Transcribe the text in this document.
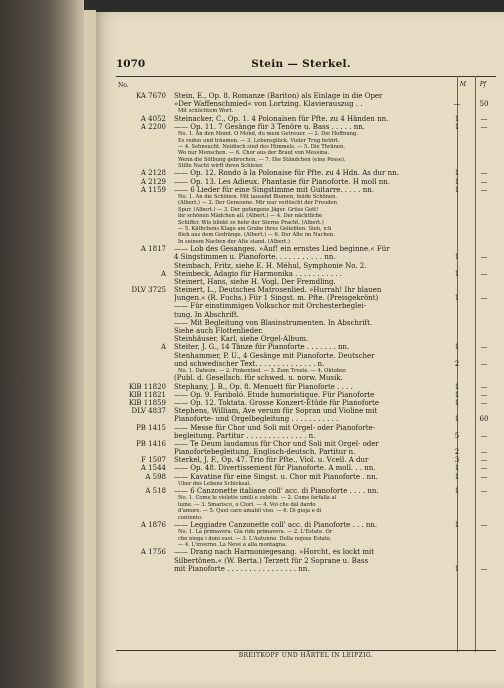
1070	Stein — Sterkel.
No.	M Pf
KA 7670 Stein, E., Op. 8. Romanze (Bariton) als Einlage in die Oper
»Der Waffenschmied« von Lortzing. Klavierauszug . .	—	50
Mit schlichtem Wort.
A 4052 Steinacker, C., Op. 1. 4 Polonaisen für Pfte. zu 4 Händen nn.	1	—
A 2200 —— Op. 11. 7 Gesänge für 3 Tenöre u. Bass . . . . . nn.	1	—
No. 1. An den Mond. O Mond, du mein Getreuer. — 2. Die Hoffnung.
Es reden und träumen. — 3. Lebensglück. Vieler Trug betört.
— 4. Sehnsucht. Neidisch sind des Himmels. — 5. Die Thränen.
Wo nur Menschen. — 6. Chor aus der Braut von Messina.
Wenn die Sölbung gebrochen. — 7. Die Ständchen (eine Posse).
Stille Nacht wirft ihren Schleier.
A 2128 —— Op. 12. Rondo à la Polonaise für Pfte. zu 4 Hdn. As dur nn.	1	—
A 2129 —— Op. 13. Les Adieux. Phantasie für Pianoforte. H moll nn.	1	—
A 1159 —— 6 Lieder für eine Singstimme mit Guitarre. . . . . nn.	1	—
No. 1. An die Schönen. Mit tausend Blumen, holde Schönen.
(Albert.) — 2. Der Genesene. Mir war verlöscht der Freuden
Spur. (Albert.) — 3. Der gefangene Jäger. Grüss Gott!
ihr schönen Mädchen all. (Albert.) — 4. Der nächtliche
Schiffer. Wie blinkt so hehr der Sterne Pracht. (Albert.)
— 5. Käthchens Klage am Grabe ihres Geliebten. Sieh, ich
flieh aus dem Gedränge. (Albert.) — 6. Der Alte im Nachen.
In seinem Nachen der Alte stand. (Albert.)
A 1817 —— Lob des Gesanges. »Auf! ein ernstes Lied beginne.« Für
4 Singstimmen u. Pianoforte. . . . . . . . . . . nn.	1	—
Steinbach, Fritz, siehe E. H. Méhul, Symphonie No. 2.
A Steinbeck, Adagio für Harmonika . . . . . . . . . . .	1	—
Steinert, Hans, siehe H. Vogl, Der Fremdling.
DLV 3725 Steinert, L., Deutsches Matrosenlied. »Hurrah! Ihr blauen
Jungen.« (R. Fuchs.) Für 1 Singst. m. Pfte. (Preisgekrönt)	1	—
—— Für einstimmigen Volkschor mit Orchesterbeglei-
tung. In Abschrift.
—— Mit Begleitung von Blasinstrumenten. In Abschrift.
Siehe auch Flottenlieder.
Steinhäuser, Karl, siehe Orgel-Album.
A Steiter, J. G., 14 Tänze für Pianoforte . . . . . . . nn.	1	—
Stenhammer, P. U., 4 Gesänge mit Pianoforte. Deutscher
und schwedischer Text. . . . . . . . . . . . . . n.	2	—
No. 1. Daheim. — 2. Finkenlied. — 3. Zum Troste. — 4. Oktober.
(Publ. d. Gesellsch. für schwed. u. norw. Musik.
KlB 11820 Stephany, J. B., Op. 8. Menuett für Pianoforte . . . .	1	—
KlB 11821 —— Op. 9. Fariboló. Etude humoristique. Für Pianoforte	1	—
KlB 11859 —— Op. 12. Toktata. Grosse Konzert-Etüde für Pianoforte	1	—
DLV 4837 Stephens, William, Ave verum für Sopran und Violine mit
Pianoforte- und Orgelbegleitung . . . . . . . . . . .	1	60
PB 1415 —— Messe für Chor und Soli mit Orgel- oder Pianoforte-
begleitung. Partitur . . . . . . . . . . . . . . n.	5	—
PB 1416 —— Te Deum laudamus für Chor und Soli mit Orgel- oder
Pianofortebegleitung. Englisch-deutsch. Partitur n.	2	—
F 1507 Sterkel, J. F., Op. 47. Trio für Pfte., Viol. u. Vcell. A dur	3	—
A 1544 —— Op. 48. Divertissement für Pianoforte. A moll. . . nn.	1	—
A 598 —— Kavatine für eine Singst. u. Chor mit Pianoforte . nn.	1	—
Über des Lebens Schicksal.
A 518 —— 6 Canzonette italiane coll' acc. di Pianoforte . . . . nn.	1	—
No. 1. Come le violette umili e colette. — 2. Come farfalla al
lume. — 3. Smarisco, o Clori. — 4. Voi che dal dardo
d'amore. — 5. Quel caro amabil viso. — 6. Di gioja e di
contento.
A 1876 —— Leggiadre Canzonette coll' acc. di Pianoforte . . . nn.	1	—
No. 1. La primavera. Già ride primavera. — 2. L'Estate. Or
che niega i doni suoi. — 3. L'Autunno. Della nojose Estate.
— 4. L'inverno. La Neve à alla montagna.
A 1756 —— Drang nach Harmoniegesang. »Horcht, es lockt mit
Silbertönen.« (W. Berta.) Terzett für 2 Soprane u. Bass
mit Pianoforte . . . . . . . . . . . . . . . . nn.	1	—
BREITKOPF UND HÄRTEL IN LEIPZIG.
